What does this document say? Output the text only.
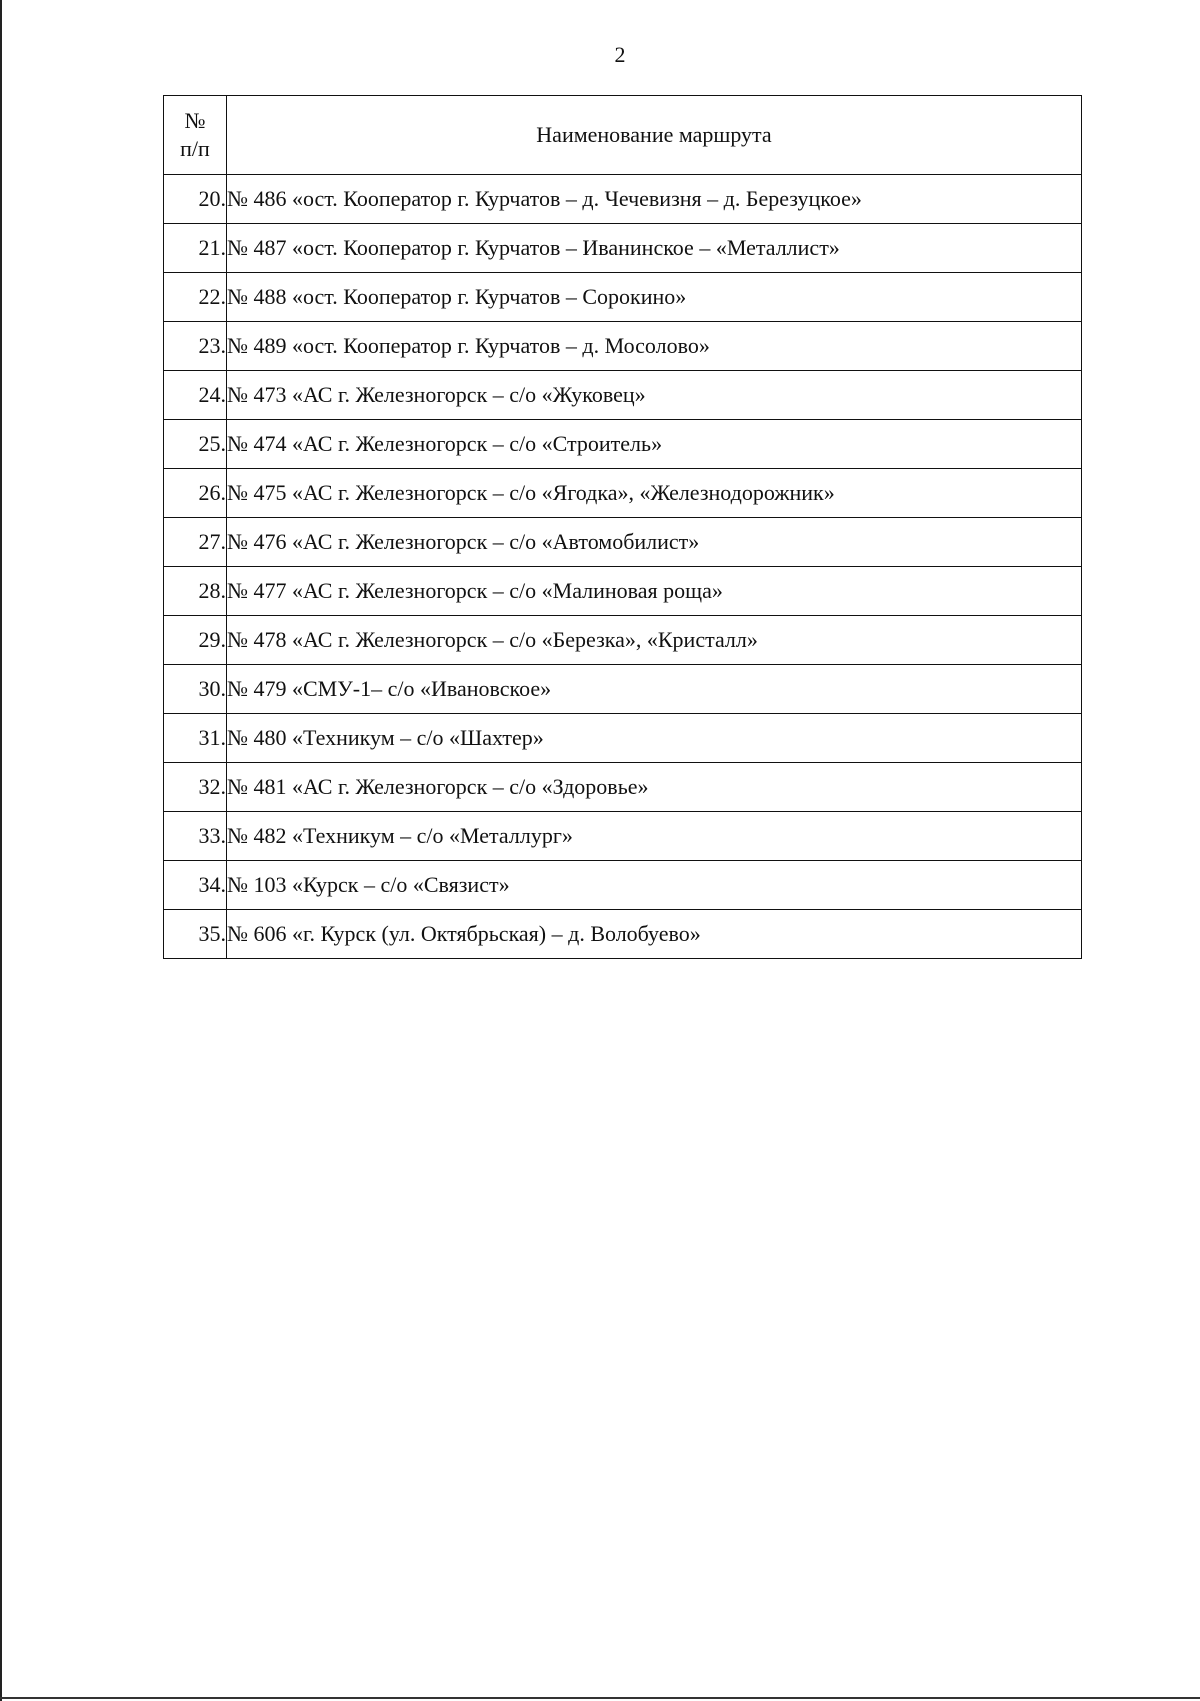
2
№
п/п	Наименование маршрута
20.	№ 486 «ост. Кооператор г. Курчатов – д. Чечевизня – д. Березуцкое»
21.	№ 487 «ост. Кооператор г. Курчатов – Иванинское – «Металлист»
22.	№ 488 «ост. Кооператор г. Курчатов – Сорокино»
23.	№ 489 «ост. Кооператор г. Курчатов – д. Мосолово»
24.	№ 473 «АС г. Железногорск – с/о «Жуковец»
25.	№ 474 «АС г. Железногорск – с/о «Строитель»
26.	№ 475 «АС г. Железногорск – с/о «Ягодка», «Железнодорожник»
27.	№ 476 «АС г. Железногорск – с/о «Автомобилист»
28.	№ 477 «АС г. Железногорск – с/о «Малиновая роща»
29.	№ 478 «АС г. Железногорск – с/о «Березка», «Кристалл»
30.	№ 479 «СМУ-1– с/о «Ивановское»
31.	№ 480 «Техникум – с/о «Шахтер»
32.	№ 481 «АС г. Железногорск – с/о «Здоровье»
33.	№ 482 «Техникум – с/о «Металлург»
34.	№ 103 «Курск – с/о «Связист»
35.	№ 606 «г. Курск (ул. Октябрьская) – д. Волобуево»
